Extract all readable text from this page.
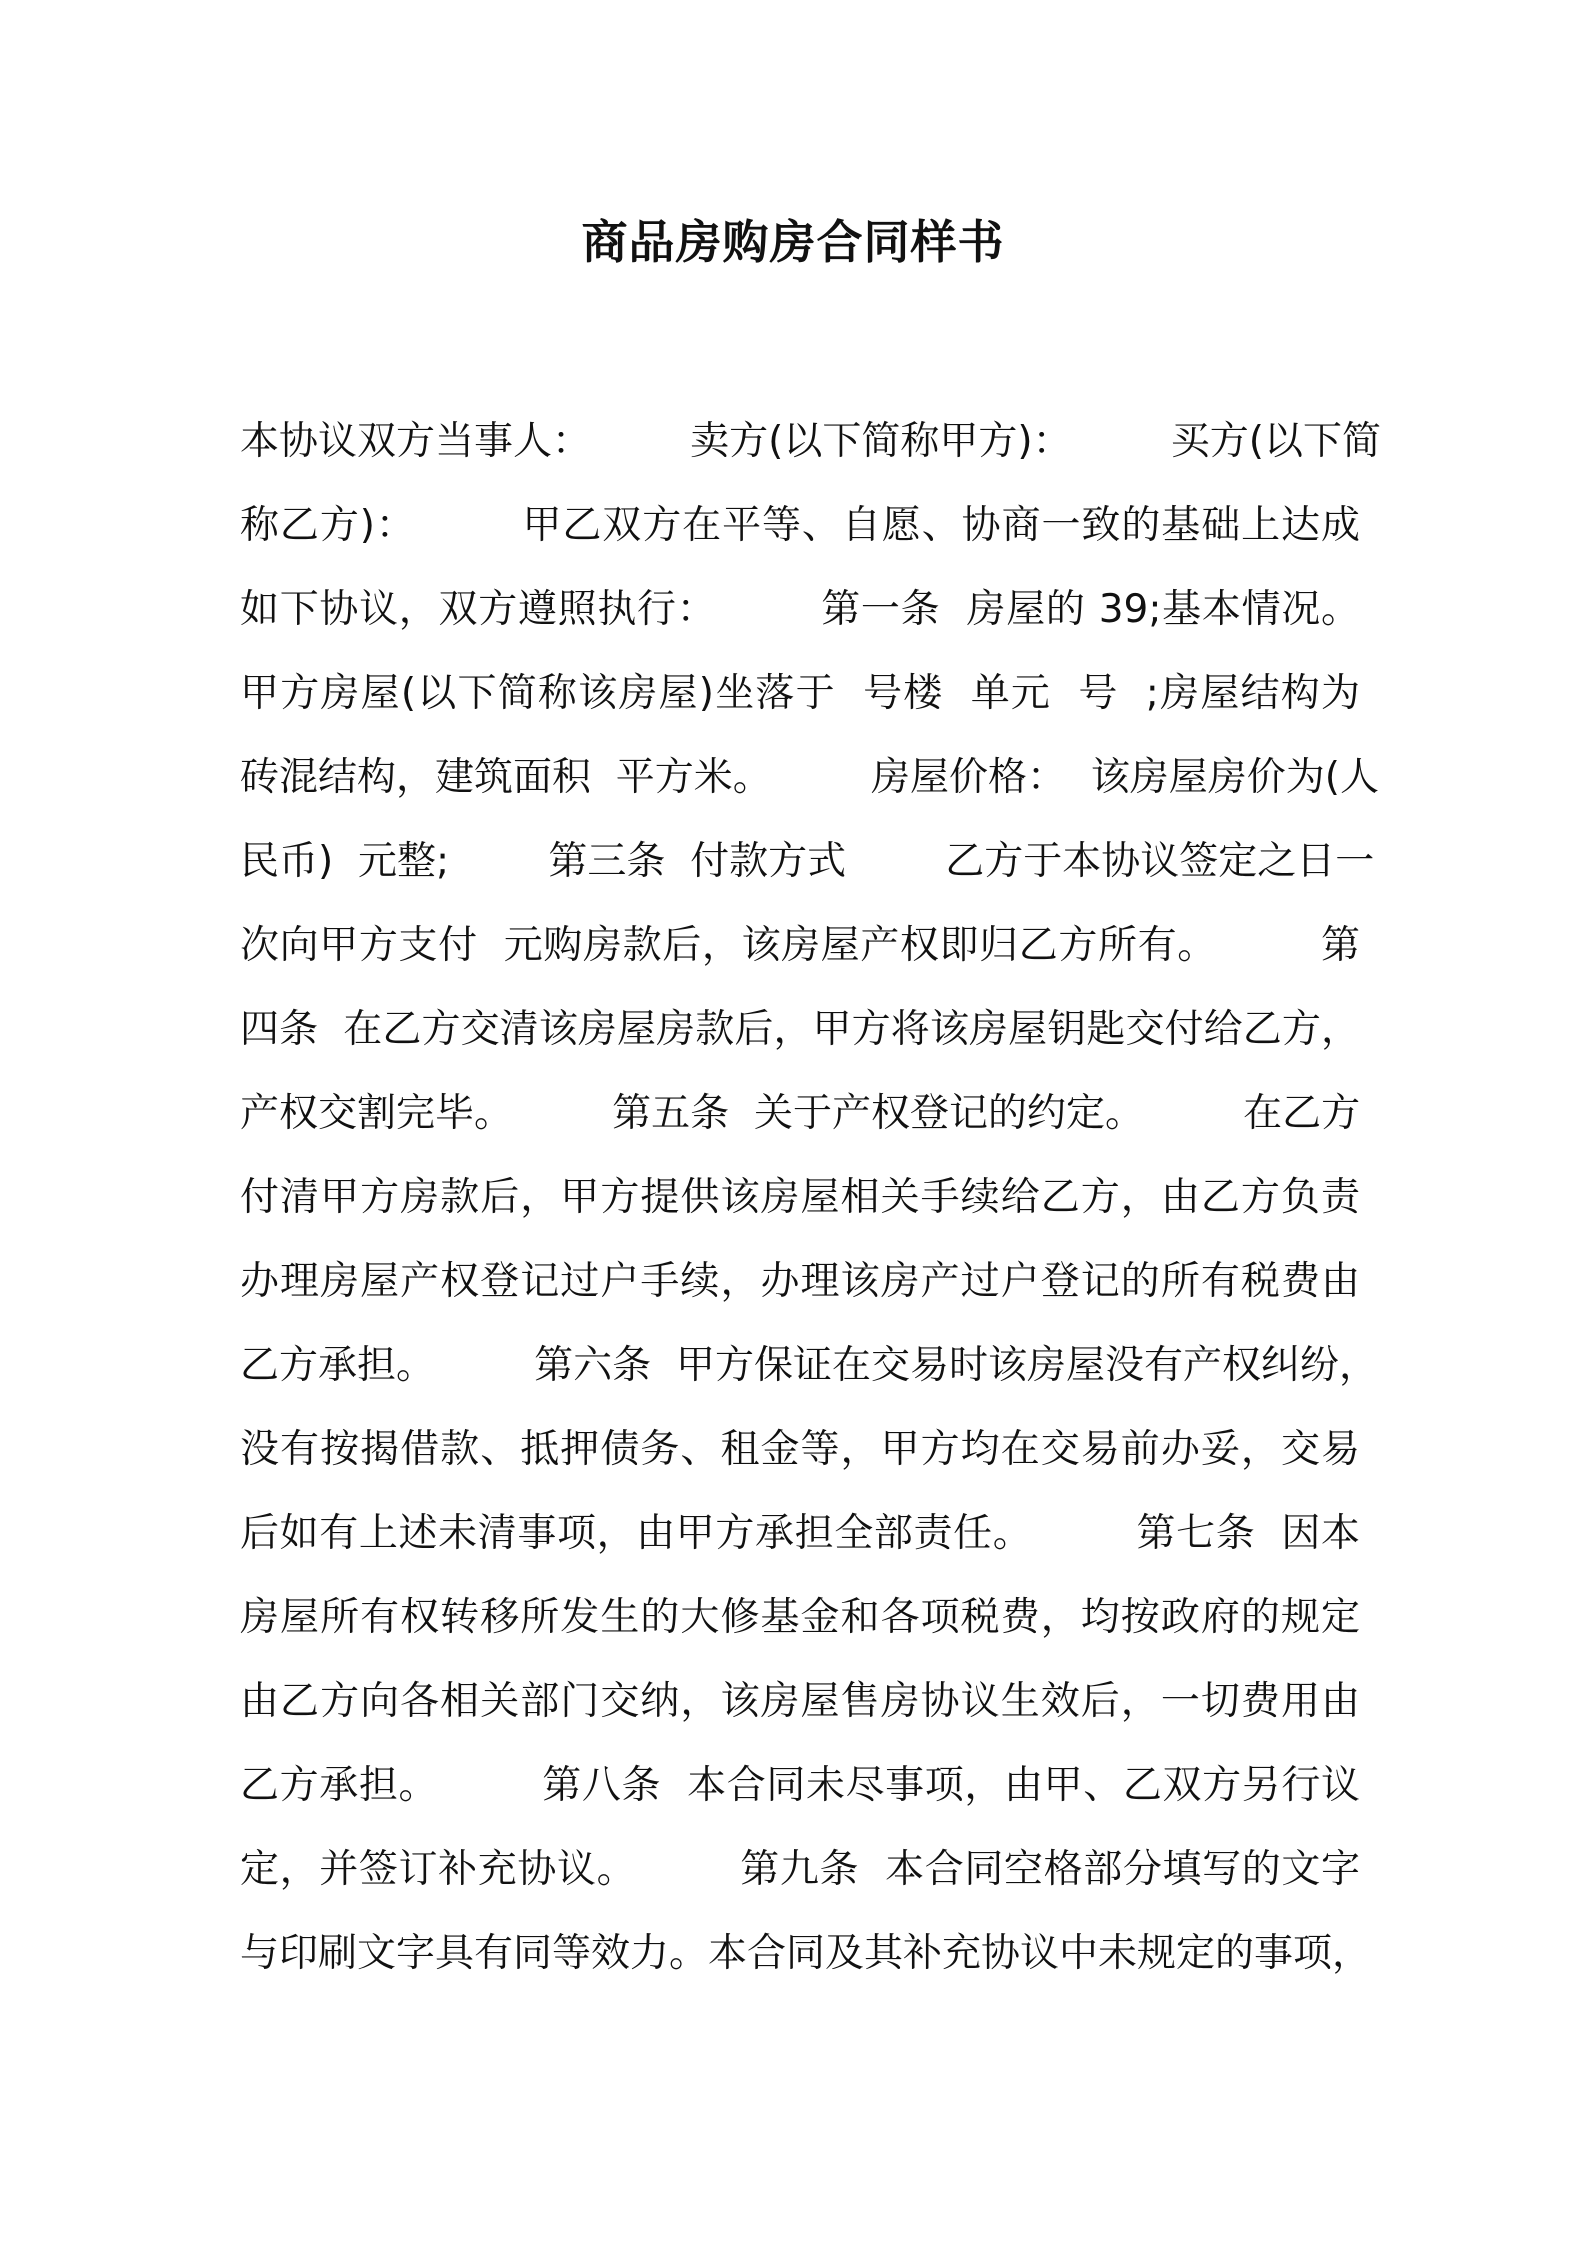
商品房购房合同样书
本协议双方当事人：        卖方(以下简称甲方)：        买方(以下简
称乙方)：        甲乙双方在平等、自愿、协商一致的基础上达成
如下协议，双方遵照执行：        第一条  房屋的 39;基本情况。
甲方房屋(以下简称该房屋)坐落于  号楼  单元  号  ;房屋结构为
砖混结构，建筑面积  平方米。        房屋价格：  该房屋房价为(人
民币)  元整;        第三条  付款方式        乙方于本协议签定之日一
次向甲方支付  元购房款后，该房屋产权即归乙方所有。        第
四条  在乙方交清该房屋房款后，甲方将该房屋钥匙交付给乙方，
产权交割完毕。        第五条  关于产权登记的约定。        在乙方
付清甲方房款后，甲方提供该房屋相关手续给乙方，由乙方负责
办理房屋产权登记过户手续，办理该房产过户登记的所有税费由
乙方承担。        第六条  甲方保证在交易时该房屋没有产权纠纷，
没有按揭借款、抵押债务、租金等，甲方均在交易前办妥，交易
后如有上述未清事项，由甲方承担全部责任。        第七条  因本
房屋所有权转移所发生的大修基金和各项税费，均按政府的规定
由乙方向各相关部门交纳，该房屋售房协议生效后，一切费用由
乙方承担。        第八条  本合同未尽事项，由甲、乙双方另行议
定，并签订补充协议。        第九条  本合同空格部分填写的文字
与印刷文字具有同等效力。本合同及其补充协议中未规定的事项，
